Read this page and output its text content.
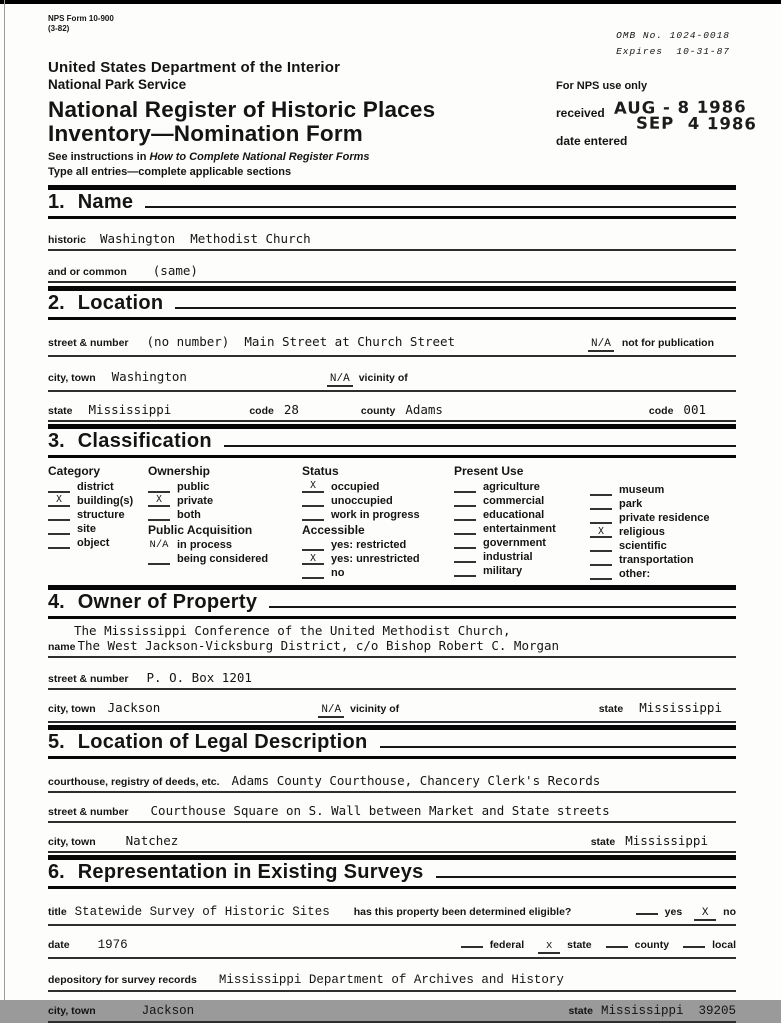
NPS Form 10-900
(3-82)
OMB No. 1024-0018
Expires  10-31-87
United States Department of the Interior
National Park Service
National Register of Historic Places
Inventory—Nomination Form
See instructions in How to Complete National Register Forms
Type all entries—complete applicable sections
For NPS use only
received AUG - 8 1986
SEP  4 1986
date entered
1. Name
historic Washington  Methodist Church
and or common (same)
2. Location
street & number (no number)  Main Street at Church Street	N/A not for publication
city, town Washington	N/A vicinity of
state Mississippi	code 28	county Adams	code 001
3. Classification
Category
district
X	building(s)
structure
site
object
Ownership
public
X	private
both
Public Acquisition
N/A in process
being considered
Status
X	occupied
unoccupied
work in progress
Accessible
yes: restricted
X	yes: unrestricted
no
Present Use
agriculture
commercial
educational
entertainment
government
industrial
military
museum
park
private residence
X	religious
scientific
transportation
other:
4. Owner of Property
The Mississippi Conference of the United Methodist Church,
name The West Jackson-Vicksburg District, c/o Bishop Robert C. Morgan
street & number P. O. Box 1201
city, town Jackson	N/A vicinity of	state Mississippi
5. Location of Legal Description
courthouse, registry of deeds, etc. Adams County Courthouse, Chancery Clerk's Records
street & number Courthouse Square on S. Wall between Market and State streets
city, town Natchez	state Mississippi
6. Representation in Existing Surveys
title Statewide Survey of Historic Sites has this property been determined eligible?	yes	X	no
date 1976	federal	x	state	county	local
depository for survey records Mississippi Department of Archives and History
city, town	Jackson	state Mississippi  39205
